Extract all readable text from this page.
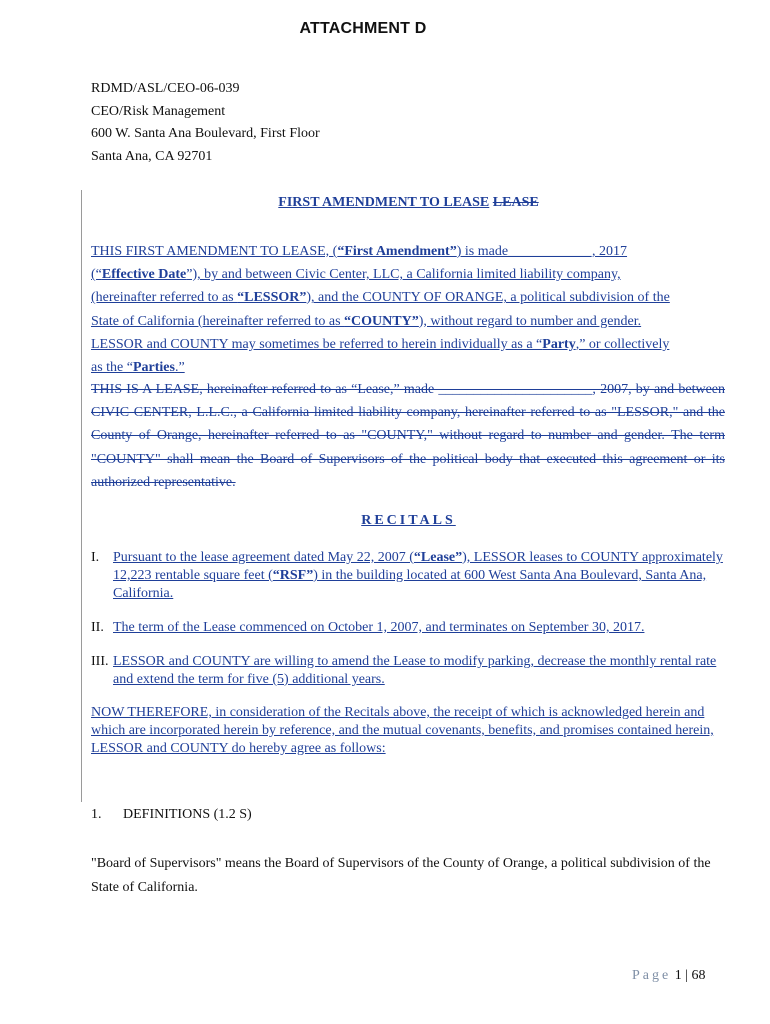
ATTACHMENT D
RDMD/ASL/CEO-06-039
CEO/Risk Management
600 W. Santa Ana Boulevard, First Floor
Santa Ana, CA 92701
FIRST AMENDMENT TO LEASE LEASE
THIS FIRST AMENDMENT TO LEASE, (“First Amendment”) is made____________, 2017
(“Effective Date”), by and between Civic Center, LLC, a California limited liability company,
(hereinafter referred to as “LESSOR”), and the COUNTY OF ORANGE, a political subdivision of the
State of California (hereinafter referred to as “COUNTY”), without regard to number and gender.
LESSOR and COUNTY may sometimes be referred to herein individually as a “Party,” or collectively
as the “Parties.”
THIS IS A LEASE, hereinafter referred to as “Lease,” made ______________________, 2007, by and between CIVIC CENTER, L.L.C., a California limited liability company, hereinafter referred to as "LESSOR," and the County of Orange, hereinafter referred to as "COUNTY," without regard to number and gender. The term "COUNTY" shall mean the Board of Supervisors of the political body that executed this agreement or its authorized representative.
RECITALS
I. Pursuant to the lease agreement dated May 22, 2007 (“Lease”), LESSOR leases to COUNTY approximately 12,223 rentable square feet (“RSF”) in the building located at 600 West Santa Ana Boulevard, Santa Ana, California.
II. The term of the Lease commenced on October 1, 2007, and terminates on September 30, 2017.
III. LESSOR and COUNTY are willing to amend the Lease to modify parking, decrease the monthly rental rate and extend the term for five (5) additional years.
NOW THEREFORE, in consideration of the Recitals above, the receipt of which is acknowledged herein and which are incorporated herein by reference, and the mutual covenants, benefits, and promises contained herein, LESSOR and COUNTY do hereby agree as follows:
1. DEFINITIONS (1.2 S)
"Board of Supervisors" means the Board of Supervisors of the County of Orange, a political subdivision of the State of California.
Page 1 | 68
